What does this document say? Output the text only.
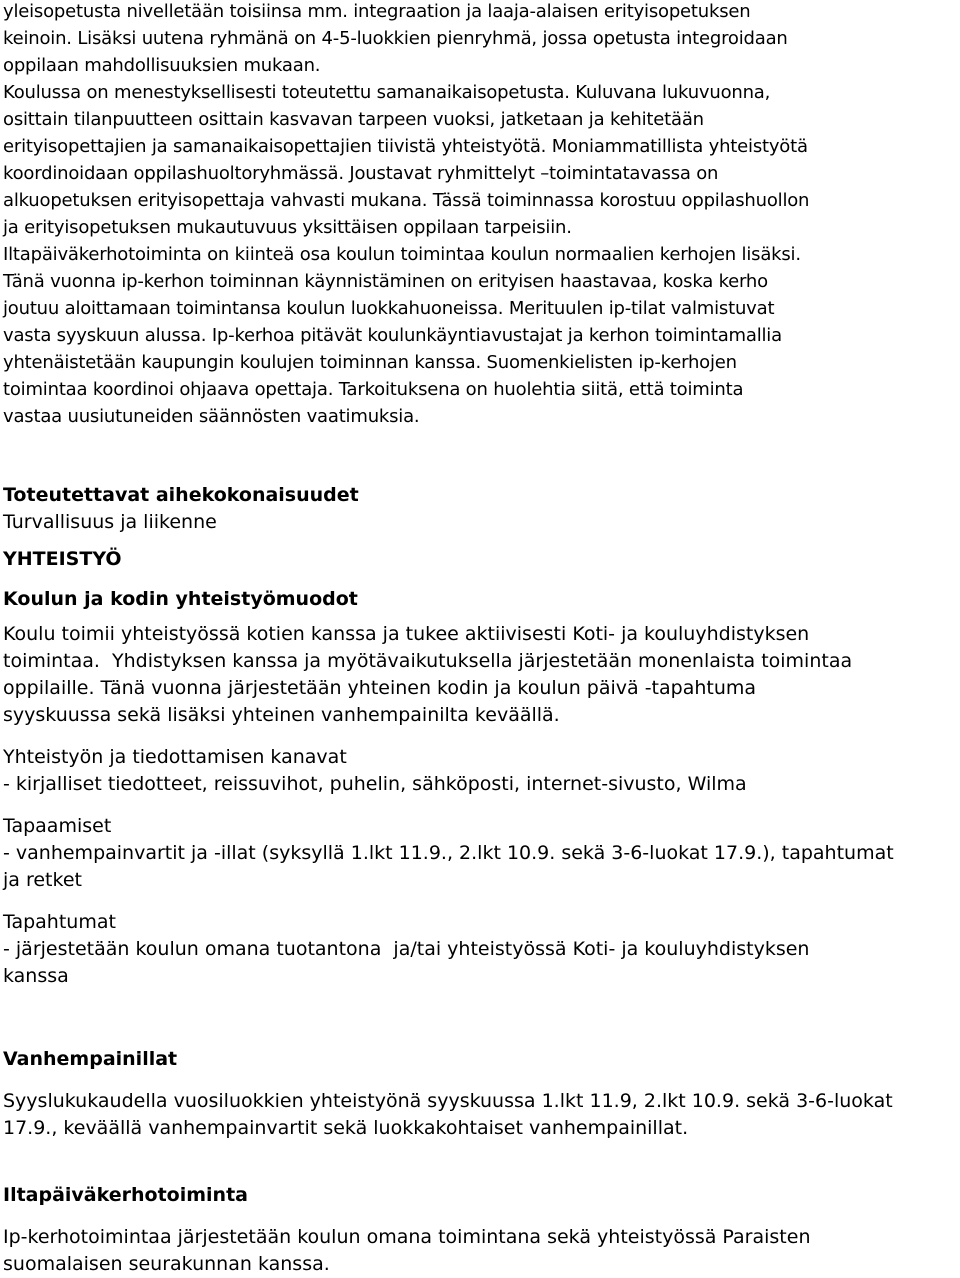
yleisopetusta nivelletään toisiinsa mm. integraation ja laaja-alaisen erityisopetuksen
keinoin. Lisäksi uutena ryhmänä on 4-5-luokkien pienryhmä, jossa opetusta integroidaan
oppilaan mahdollisuuksien mukaan.
Koulussa on menestyksellisesti toteutettu samanaikaisopetusta. Kuluvana lukuvuonna,
osittain tilanpuutteen osittain kasvavan tarpeen vuoksi, jatketaan ja kehitetään
erityisopettajien ja samanaikaisopettajien tiivistä yhteistyötä. Moniammatillista yhteistyötä
koordinoidaan oppilashuoltoryhmässä. Joustavat ryhmittelyt –toimintatavassa on
alkuopetuksen erityisopettaja vahvasti mukana. Tässä toiminnassa korostuu oppilashuollon
ja erityisopetuksen mukautuvuus yksittäisen oppilaan tarpeisiin.
Iltapäiväkerhotoiminta on kiinteä osa koulun toimintaa koulun normaalien kerhojen lisäksi.
Tänä vuonna ip-kerhon toiminnan käynnistäminen on erityisen haastavaa, koska kerho
joutuu aloittamaan toimintansa koulun luokkahuoneissa. Merituulen ip-tilat valmistuvat
vasta syyskuun alussa. Ip-kerhoa pitävät koulunkäyntiavustajat ja kerhon toimintamallia
yhtenäistetään kaupungin koulujen toiminnan kanssa. Suomenkielisten ip-kerhojen
toimintaa koordinoi ohjaava opettaja. Tarkoituksena on huolehtia siitä, että toiminta
vastaa uusiutuneiden säännösten vaatimuksia.
Toteutettavat aihekokonaisuudet
Turvallisuus ja liikenne
YHTEISTYÖ
Koulun ja kodin yhteistyömuodot
Koulu toimii yhteistyössä kotien kanssa ja tukee aktiivisesti Koti- ja kouluyhdistyksen
toimintaa.  Yhdistyksen kanssa ja myötävaikutuksella järjestetään monenlaista toimintaa
oppilaille. Tänä vuonna järjestetään yhteinen kodin ja koulun päivä -tapahtuma
syyskuussa sekä lisäksi yhteinen vanhempainilta keväällä.
Yhteistyön ja tiedottamisen kanavat
- kirjalliset tiedotteet, reissuvihot, puhelin, sähköposti, internet-sivusto, Wilma
Tapaamiset
- vanhempainvartit ja -illat (syksyllä 1.lkt 11.9., 2.lkt 10.9. sekä 3-6-luokat 17.9.), tapahtumat
ja retket
Tapahtumat
- järjestetään koulun omana tuotantona  ja/tai yhteistyössä Koti- ja kouluyhdistyksen
kanssa
Vanhempainillat
Syyslukukaudella vuosiluokkien yhteistyönä syyskuussa 1.lkt 11.9, 2.lkt 10.9. sekä 3-6-luokat
17.9., keväällä vanhempainvartit sekä luokkakohtaiset vanhempainillat.
Iltapäiväkerhotoiminta
Ip-kerhotoimintaa järjestetään koulun omana toimintana sekä yhteistyössä Paraisten
suomalaisen seurakunnan kanssa.
